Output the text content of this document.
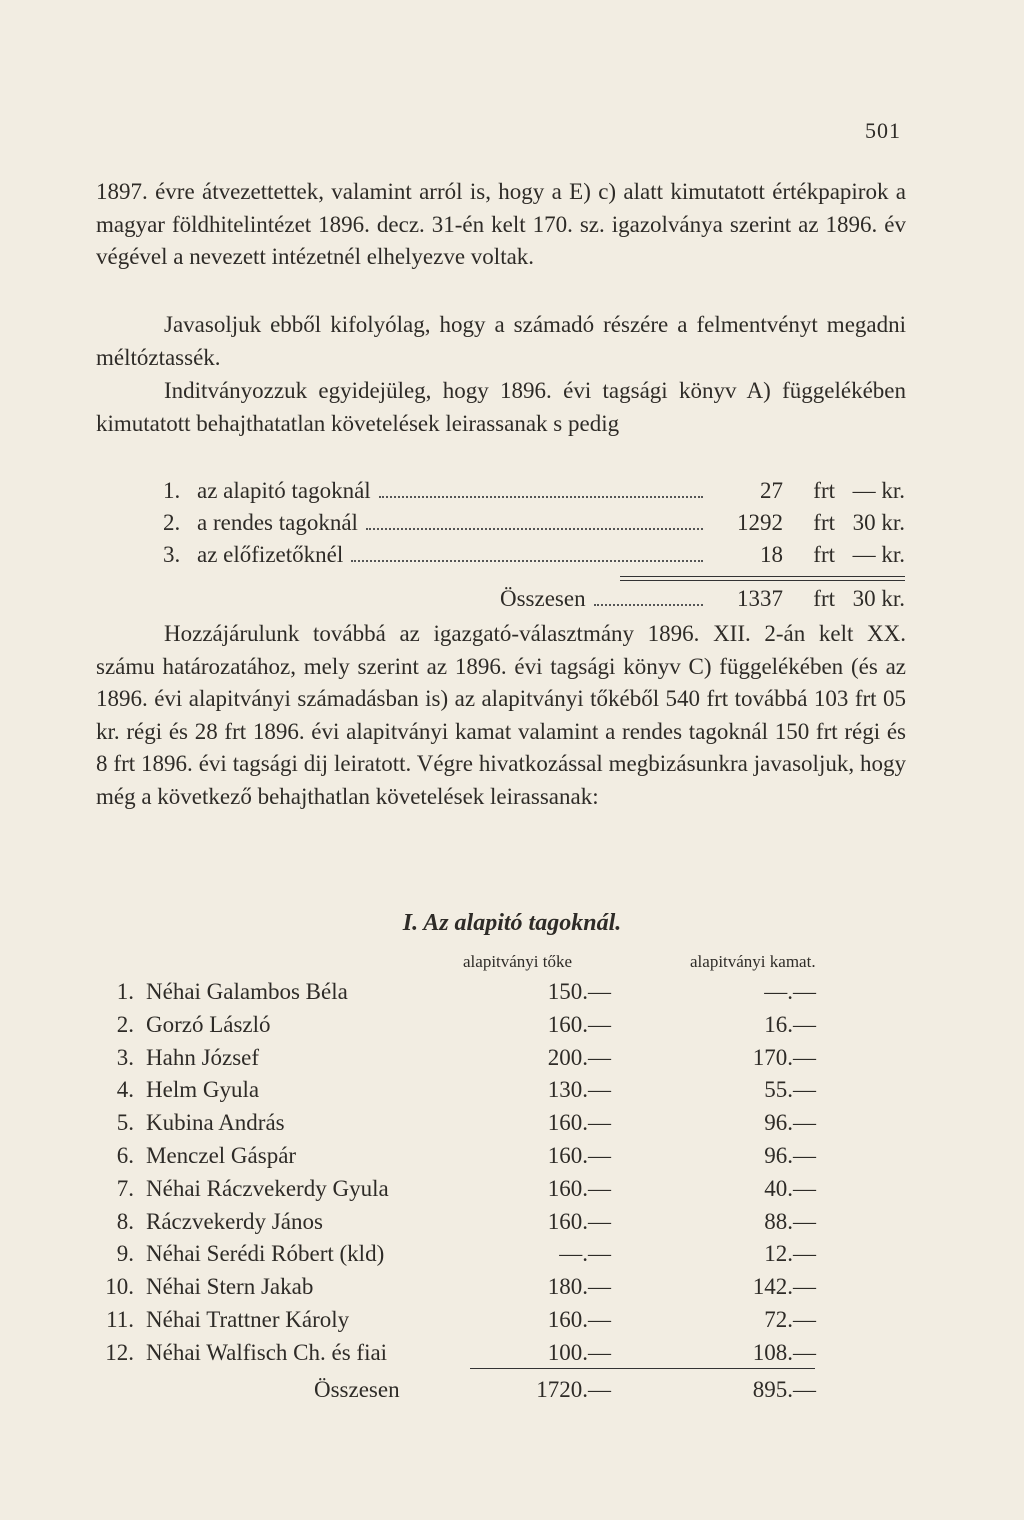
501

1897. évre átvezettettek, valamint arról is, hogy a E) c) alatt kimutatott értékpapirok a magyar földhitelintézet 1896. decz. 31-én kelt 170. sz. igazolványa szerint az 1896. év végével a nevezett intézetnél elhelyezve voltak.

Javasoljuk ebből kifolyólag, hogy a számadó részére a felmentvényt megadni méltóztassék.

Inditványozzuk egyidejüleg, hogy 1896. évi tagsági könyv A) függelékében kimutatott behajthatatlan követelések leirassanak s pedig

1. az alapitó tagoknál	27	frt — kr.
2. a rendes tagoknál	1292	frt 30 kr.
3. az előfizetőknél	18	frt — kr.
Összesen	1337	frt 30 kr.

Hozzájárulunk továbbá az igazgató-választmány 1896. XII. 2-án kelt XX. számu határozatához, mely szerint az 1896. évi tagsági könyv C) függelékében (és az 1896. évi alapitványi számadásban is) az alapitványi tőkéből 540 frt továbbá 103 frt 05 kr. régi és 28 frt 1896. évi alapitványi kamat valamint a rendes tagoknál 150 frt régi és 8 frt 1896. évi tagsági dij leiratott. Végre hivatkozással megbizásunkra javasoljuk, hogy még a következő behajthatlan követelések leirassanak:

I. Az alapitó tagoknál.
alapitványi tőke	alapitványi kamat.
1. Néhai Galambos Béla	150.—	—.—
2. Gorzó László	160.—	16.—
3. Hahn József	200.—	170.—
4. Helm Gyula	130.—	55.—
5. Kubina András	160.—	96.—
6. Menczel Gáspár	160.—	96.—
7. Néhai Ráczvekerdy Gyula	160.—	40.—
8. Ráczvekerdy János	160.—	88.—
9. Néhai Serédi Róbert (kld)	—.—	12.—
10. Néhai Stern Jakab	180.—	142.—
11. Néhai Trattner Károly	160.—	72.—
12. Néhai Walfisch Ch. és fiai	100.—	108.—
Összesen	1720.—	895.—
